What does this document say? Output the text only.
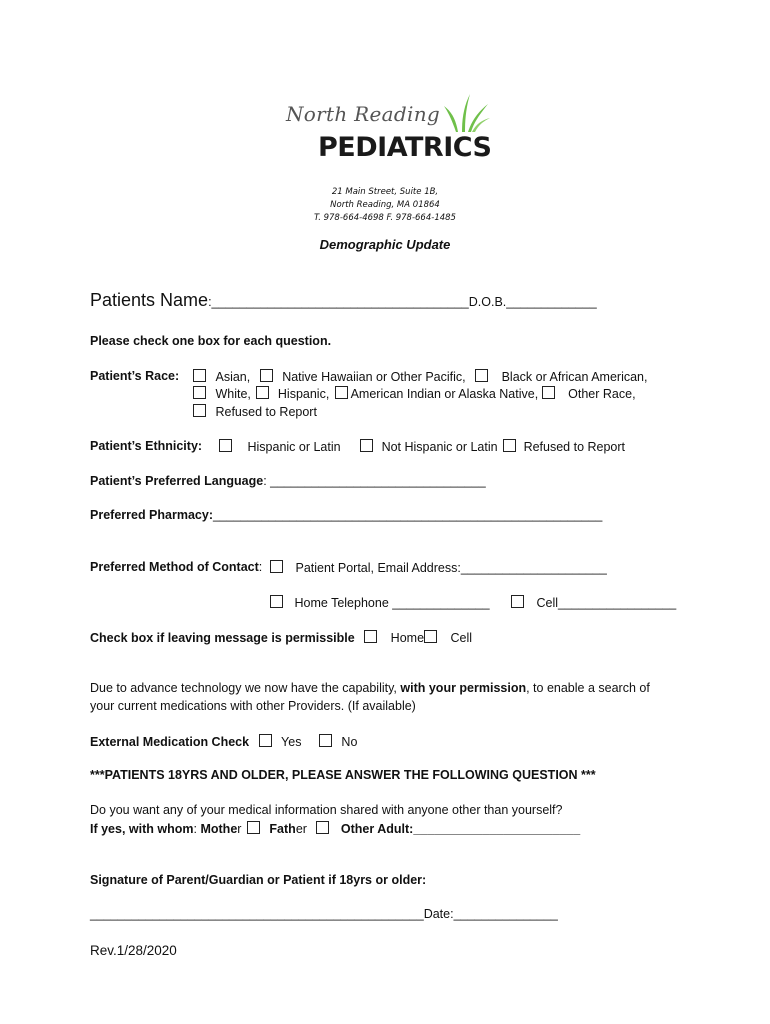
North Reading
PEDIATRICS
21 Main Street, Suite 1B,
North Reading, MA 01864
T. 978-664-4698 F. 978-664-1485
Demographic Update
Patients Name:_____________________________________D.O.B._____________
Please check one box for each question.
Patient’s Race:	Asian,	Native Hawaiian or Other Pacific,	Black or African American,
White, Hispanic, American Indian or Alaska Native, Other Race,
Refused to Report
Patient’s Ethnicity:	Hispanic or Latin	Not Hispanic or Latin Refused to Report
Patient’s Preferred Language: _______________________________
Preferred Pharmacy:________________________________________________________
Preferred Method of Contact:	Patient Portal, Email Address:_____________________
Home Telephone ______________	Cell_________________
Check box if leaving message is permissible	Home Cell
Due to advance technology we now have the capability, with your permission, to enable a search of
your current medications with other Providers. (If available)
External Medication Check	Yes	No
***PATIENTS 18YRS AND OLDER, PLEASE ANSWER THE FOLLOWING QUESTION ***
Do you want any of your medical information shared with anyone other than yourself?
If yes, with whom: Mother Father	Other Adult:________________________
Signature of Parent/Guardian or Patient if 18yrs or older:
________________________________________________Date:_______________
Rev.1/28/2020
